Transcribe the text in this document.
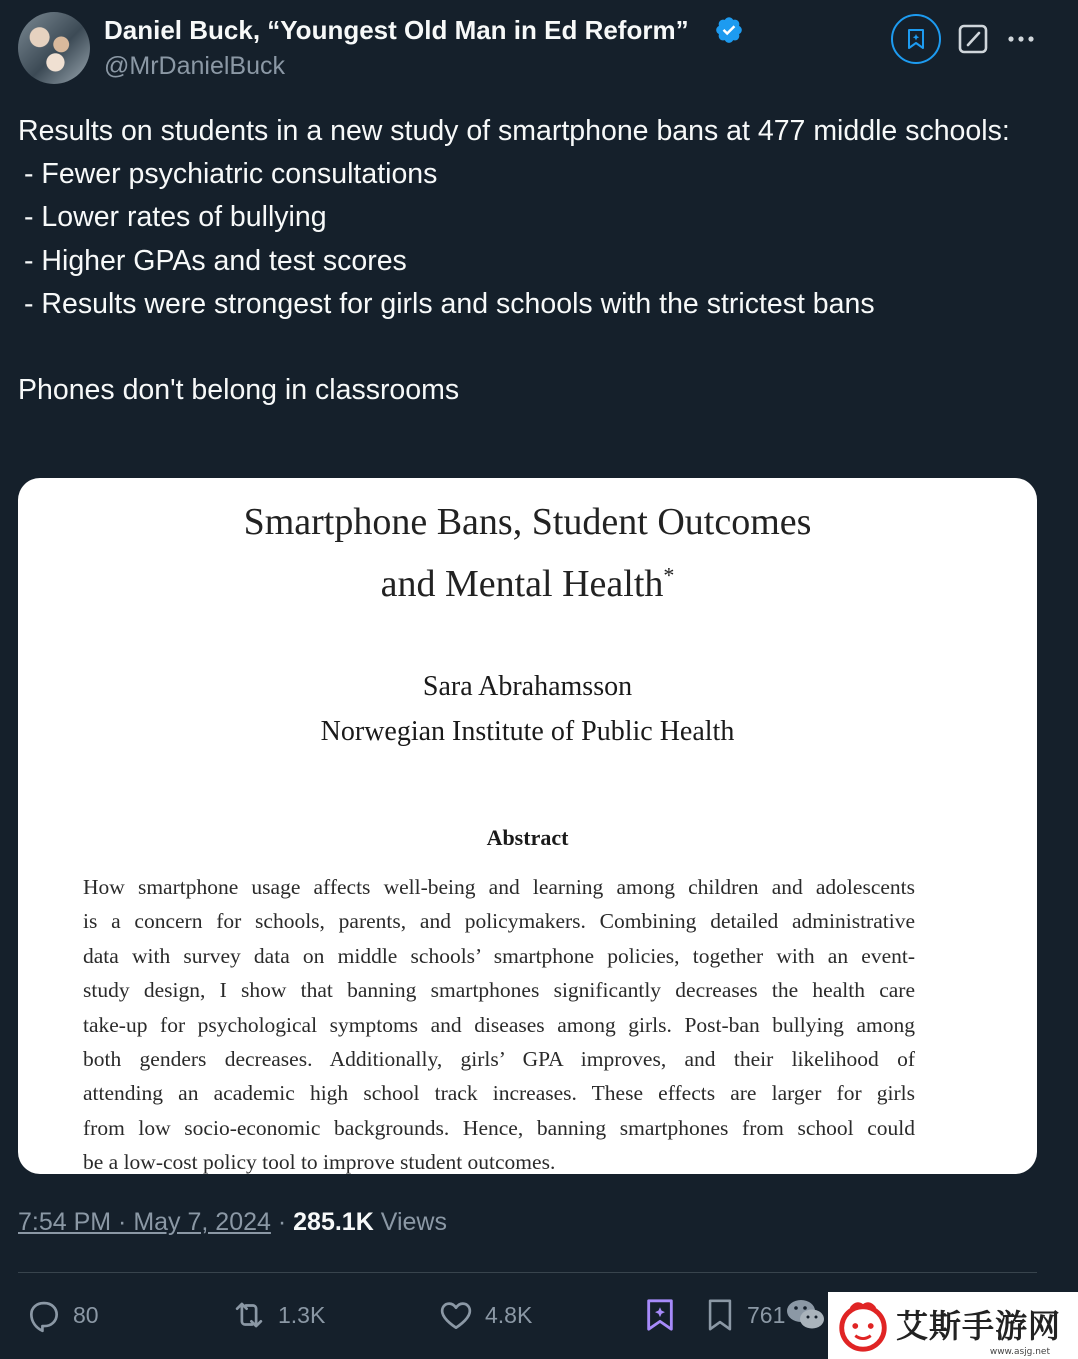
Daniel Buck, “Youngest Old Man in Ed Reform”
@MrDanielBuck

Results on students in a new study of smartphone bans at 477 middle schools:

- Fewer psychiatric consultations

- Lower rates of bullying

- Higher GPAs and test scores

- Results were strongest for girls and schools with the strictest bans

Phones don't belong in classrooms

Smartphone Bans, Student Outcomes
and Mental Health*
Sara Abrahamsson
Norwegian Institute of Public Health
Abstract
How smartphone usage affects well-being and learning among children and adolescents
is a concern for schools, parents, and policymakers. Combining detailed administrative
data with survey data on middle schools’ smartphone policies, together with an event-
study design, I show that banning smartphones significantly decreases the health care
take-up for psychological symptoms and diseases among girls. Post-ban bullying among
both genders decreases. Additionally, girls’ GPA improves, and their likelihood of
attending an academic high school track increases. These effects are larger for girls
from low socio-economic backgrounds. Hence, banning smartphones from school could
be a low-cost policy tool to improve student outcomes.
7:54 PM · May 7, 2024 · 285.1K Views
80	1.3K	4.8K	761	艾斯手游网
www.asjg.net
